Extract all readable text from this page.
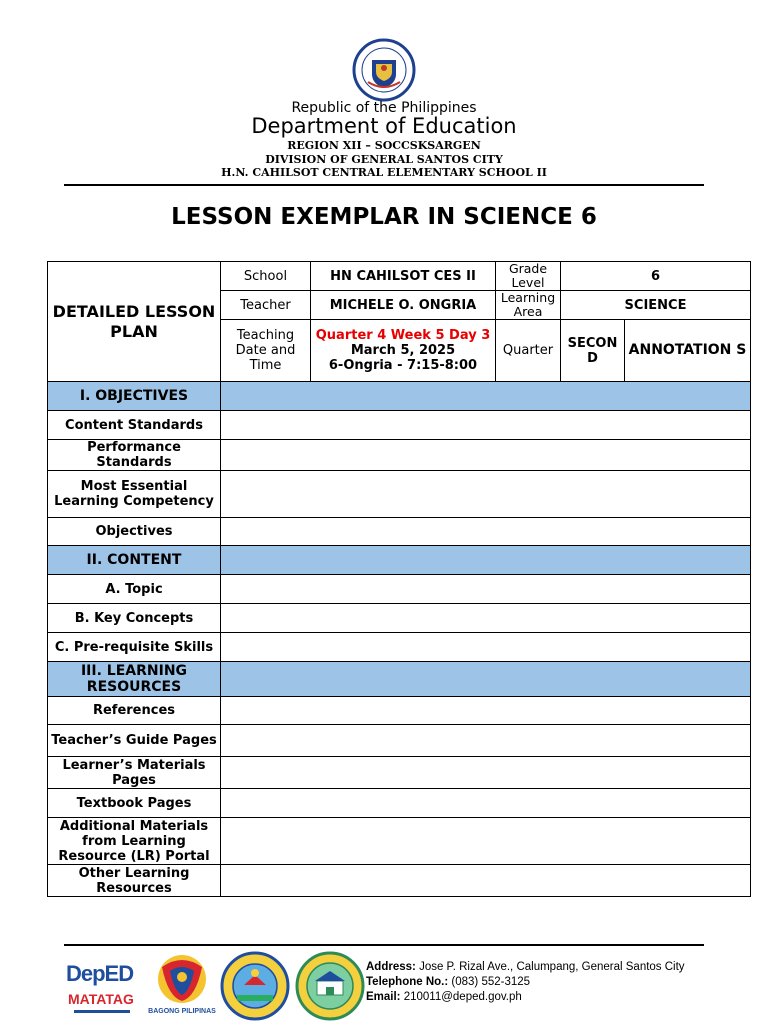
Republic of the Philippines
Department of Education
REGION XII – SOCCSKSARGEN
DIVISION OF GENERAL SANTOS CITY
H.N. CAHILSOT CENTRAL ELEMENTARY SCHOOL II
LESSON EXEMPLAR IN SCIENCE 6
DETAILED LESSON PLAN	School	HN CAHILSOT CES II	Grade Level	6	
	Teacher	MICHELE O. ONGRIA	Learning Area	SCIENCE	
	Teaching Date and Time	Quarter 4 Week 5 Day 3
March 5, 2025
6-Ongria - 7:15-8:00	Quarter	SECON D	ANNOTATION S
I. OBJECTIVES					
Content Standards					
Performance Standards					
Most Essential Learning Competency					
Objectives					
II. CONTENT					
A. Topic					
B. Key Concepts					
C. Pre-requisite Skills					
III. LEARNING RESOURCES					
References					
Teacher’s Guide Pages					
Learner’s Materials Pages					
Textbook Pages					
Additional Materials from Learning Resource (LR) Portal					
Other Learning Resources					
DepED
MATATAG
BAGONG PILIPINAS
Address: Jose P. Rizal Ave., Calumpang, General Santos City
Telephone No.: (083) 552-3125
Email: 210011@deped.gov.ph
